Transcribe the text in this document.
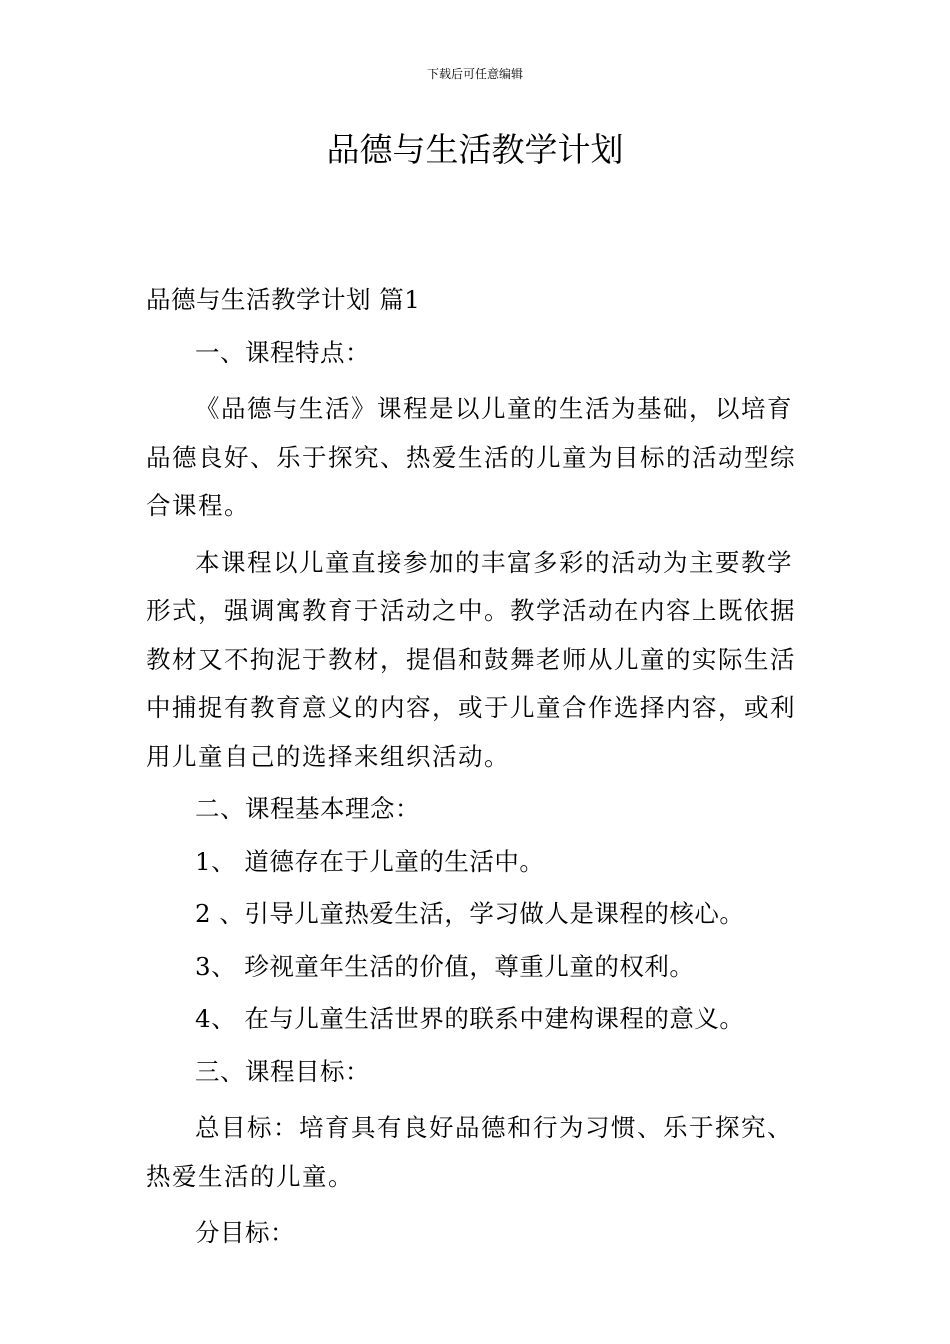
下载后可任意编辑
品德与生活教学计划

品德与生活教学计划 篇1

一、课程特点：

《品德与生活》课程是以儿童的生活为基础，以培育品德良好、乐于探究、热爱生活的儿童为目标的活动型综合课程。

本课程以儿童直接参加的丰富多彩的活动为主要教学形式，强调寓教育于活动之中。教学活动在内容上既依据教材又不拘泥于教材，提倡和鼓舞老师从儿童的实际生活中捕捉有教育意义的内容，或于儿童合作选择内容，或利用儿童自己的选择来组织活动。

二、课程基本理念：

1、 道德存在于儿童的生活中。

2 、引导儿童热爱生活，学习做人是课程的核心。

3、 珍视童年生活的价值，尊重儿童的权利。

4、 在与儿童生活世界的联系中建构课程的意义。

三、课程目标：

总目标：培育具有良好品德和行为习惯、乐于探究、热爱生活的儿童。

分目标：
